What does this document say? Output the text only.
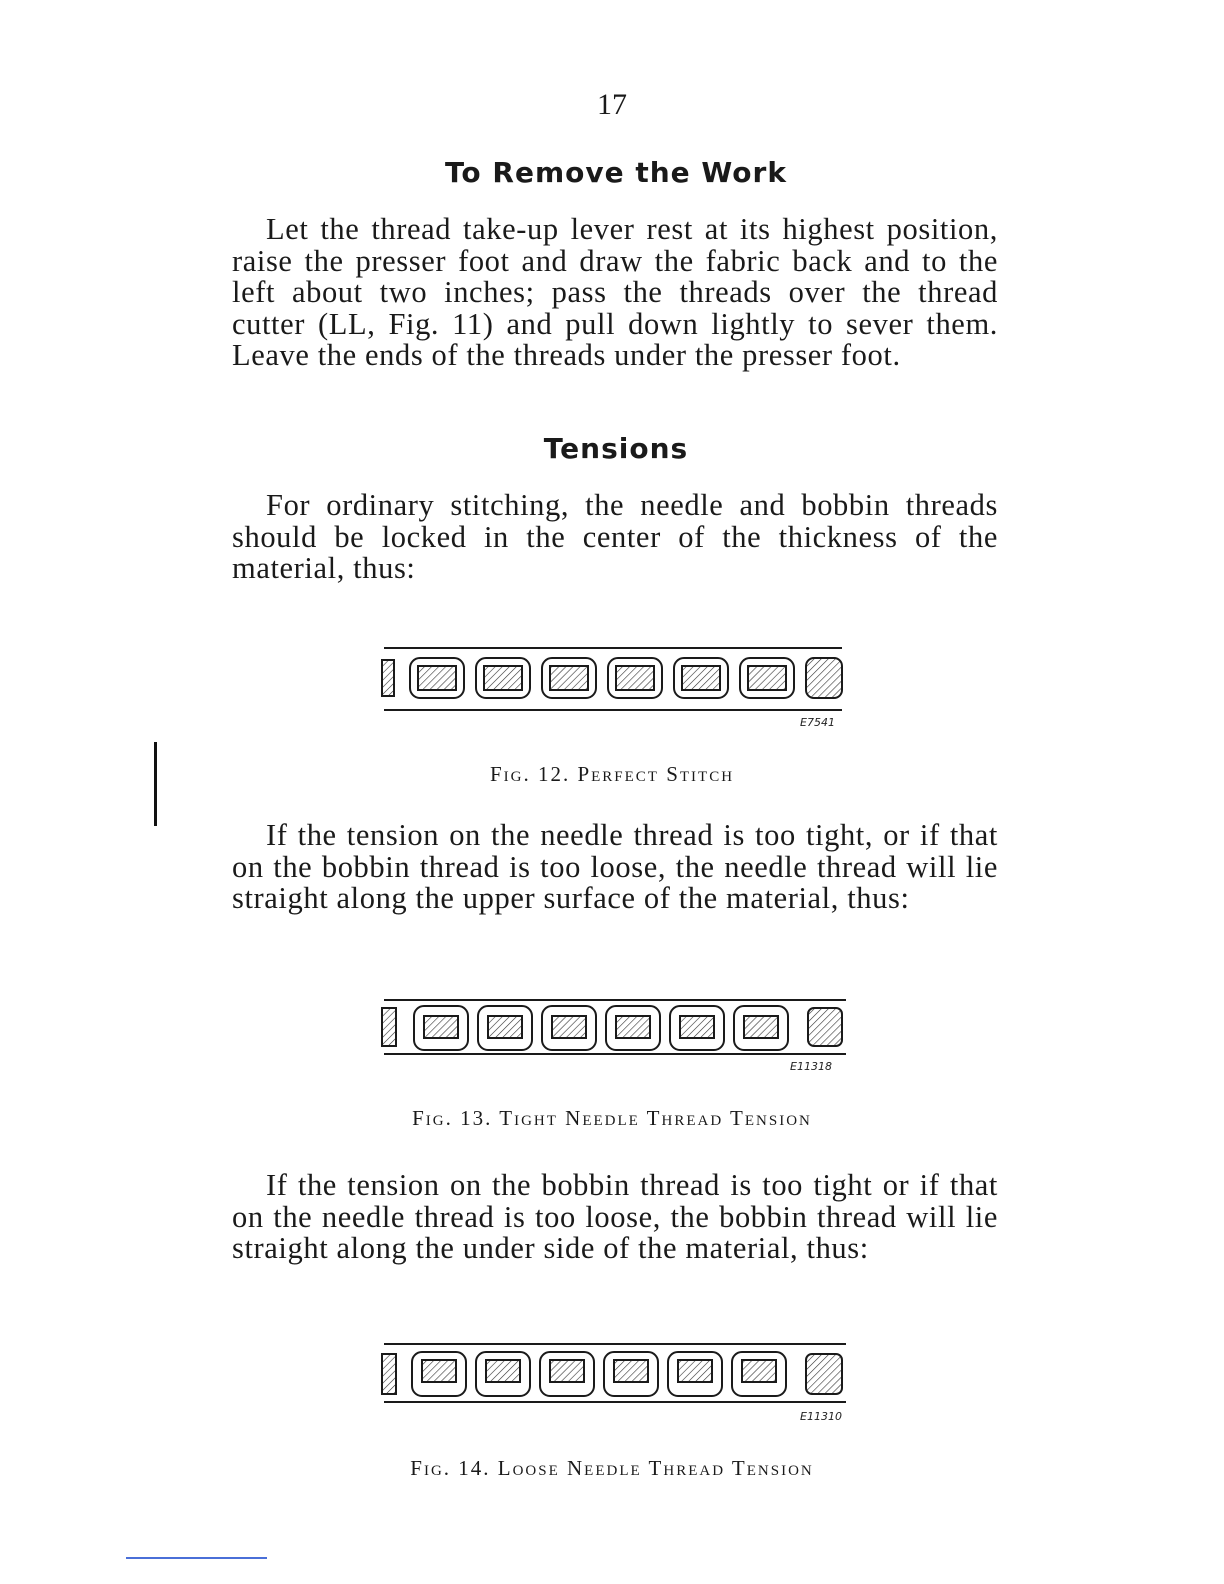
17
To Remove the Work

Let the thread take-up lever rest at its highest position, raise the presser foot and draw the fabric back and to the left about two inches; pass the threads over the thread cutter (LL, Fig. 11) and pull down lightly to sever them. Leave the ends of the threads under the presser foot.

Tensions

For ordinary stitching, the needle and bobbin threads should be locked in the center of the thickness of the material, thus:

E7541
Fig. 12. Perfect Stitch

If the tension on the needle thread is too tight, or if that on the bobbin thread is too loose, the needle thread will lie straight along the upper surface of the material, thus:

E11318
Fig. 13. Tight Needle Thread Tension

If the tension on the bobbin thread is too tight or if that on the needle thread is too loose, the bobbin thread will lie straight along the under side of the material, thus:

E11310
Fig. 14. Loose Needle Thread Tension
